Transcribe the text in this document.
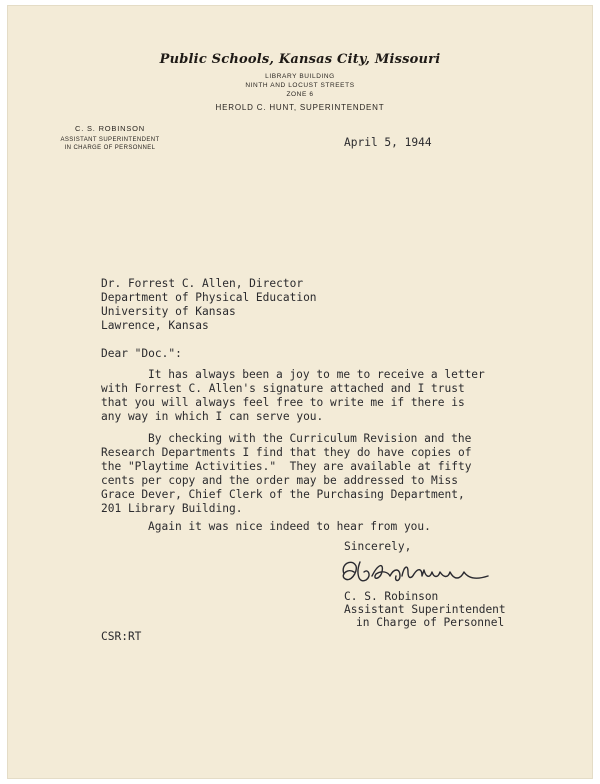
Public Schools, Kansas City, Missouri
LIBRARY BUILDING
NINTH AND LOCUST STREETS
ZONE 6
HEROLD C. HUNT, SUPERINTENDENT
C. S. ROBINSON
ASSISTANT SUPERINTENDENT
IN CHARGE OF PERSONNEL	April 5, 1944
Dr. Forrest C. Allen, Director
Department of Physical Education
University of Kansas
Lawrence, Kansas
Dear "Doc.":
It has always been a joy to me to receive a letter
with Forrest C. Allen's signature attached and I trust
that you will always feel free to write me if there is
any way in which I can serve you.
By checking with the Curriculum Revision and the
Research Departments I find that they do have copies of
the "Playtime Activities."  They are available at fifty
cents per copy and the order may be addressed to Miss
Grace Dever, Chief Clerk of the Purchasing Department,
201 Library Building.
Again it was nice indeed to hear from you.
Sincerely,
C. S. Robinson
Assistant Superintendent
in Charge of Personnel
CSR:RT
